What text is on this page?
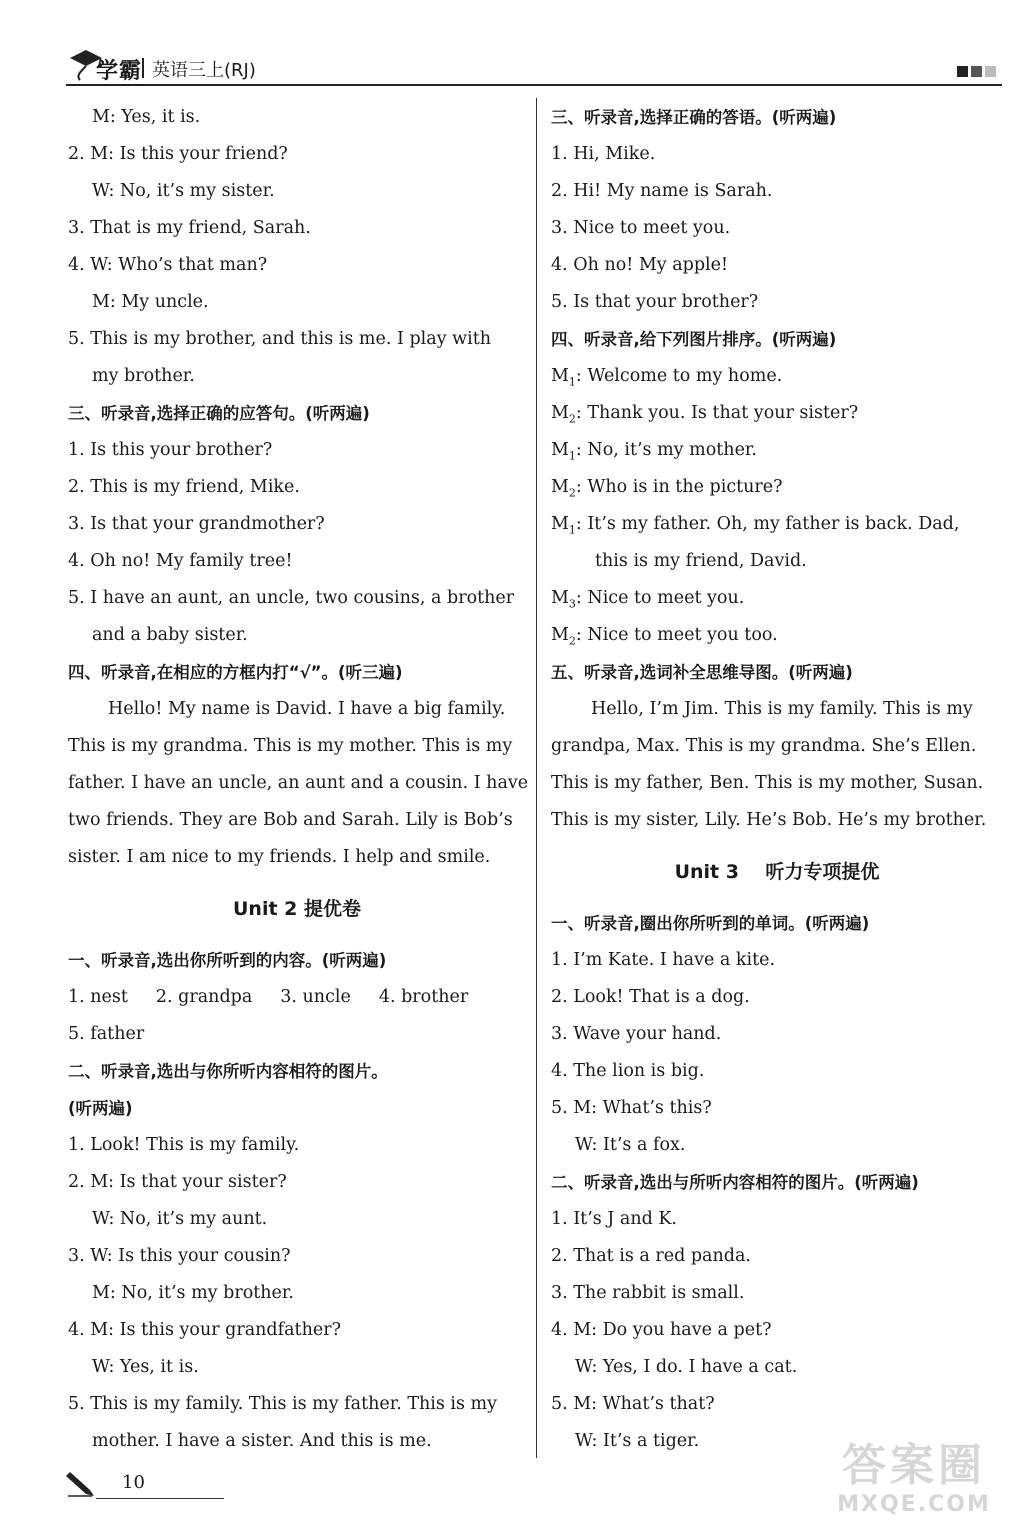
学霸 英语三上(RJ)
M: Yes, it is.
2. M: Is this your friend?
W: No, it’s my sister.
3. That is my friend, Sarah.
4. W: Who’s that man?
M: My uncle.
5. This is my brother, and this is me. I play with
my brother.
三、听录音,选择正确的应答句。(听两遍)
1. Is this your brother?
2. This is my friend, Mike.
3. Is that your grandmother?
4. Oh no! My family tree!
5. I have an aunt, an uncle, two cousins, a brother
and a baby sister.
四、听录音,在相应的方框内打“√”。(听三遍)
Hello! My name is David. I have a big family.
This is my grandma. This is my mother. This is my
father. I have an uncle, an aunt and a cousin. I have
two friends. They are Bob and Sarah. Lily is Bob’s
sister. I am nice to my friends. I help and smile.
Unit 2 提优卷
一、听录音,选出你所听到的内容。(听两遍)
1. nest 2. grandpa 3. uncle 4. brother
5. father
二、听录音,选出与你所听内容相符的图片。
(听两遍)
1. Look! This is my family.
2. M: Is that your sister?
W: No, it’s my aunt.
3. W: Is this your cousin?
M: No, it’s my brother.
4. M: Is this your grandfather?
W: Yes, it is.
5. This is my family. This is my father. This is my
mother. I have a sister. And this is me.
三、听录音,选择正确的答语。(听两遍)
1. Hi, Mike.
2. Hi! My name is Sarah.
3. Nice to meet you.
4. Oh no! My apple!
5. Is that your brother?
四、听录音,给下列图片排序。(听两遍)
$M_1$: Welcome to my home.
$M_2$: Thank you. Is that your sister?
$M_1$: No, it’s my mother.
$M_2$: Who is in the picture?
$M_1$: It’s my father. Oh, my father is back. Dad,
this is my friend, David.
$M_3$: Nice to meet you.
$M_2$: Nice to meet you too.
五、听录音,选词补全思维导图。(听两遍)
Hello, I’m Jim. This is my family. This is my
grandpa, Max. This is my grandma. She’s Ellen.
This is my father, Ben. This is my mother, Susan.
This is my sister, Lily. He’s Bob. He’s my brother.
Unit 3    听力专项提优
一、听录音,圈出你所听到的单词。(听两遍)
1. I’m Kate. I have a kite.
2. Look! That is a dog.
3. Wave your hand.
4. The lion is big.
5. M: What’s this?
W: It’s a fox.
二、听录音,选出与所听内容相符的图片。(听两遍)
1. It’s J and K.
2. That is a red panda.
3. The rabbit is small.
4. M: Do you have a pet?
W: Yes, I do. I have a cat.
5. M: What’s that?
W: It’s a tiger.
10	答案圈
MXQE.COM
